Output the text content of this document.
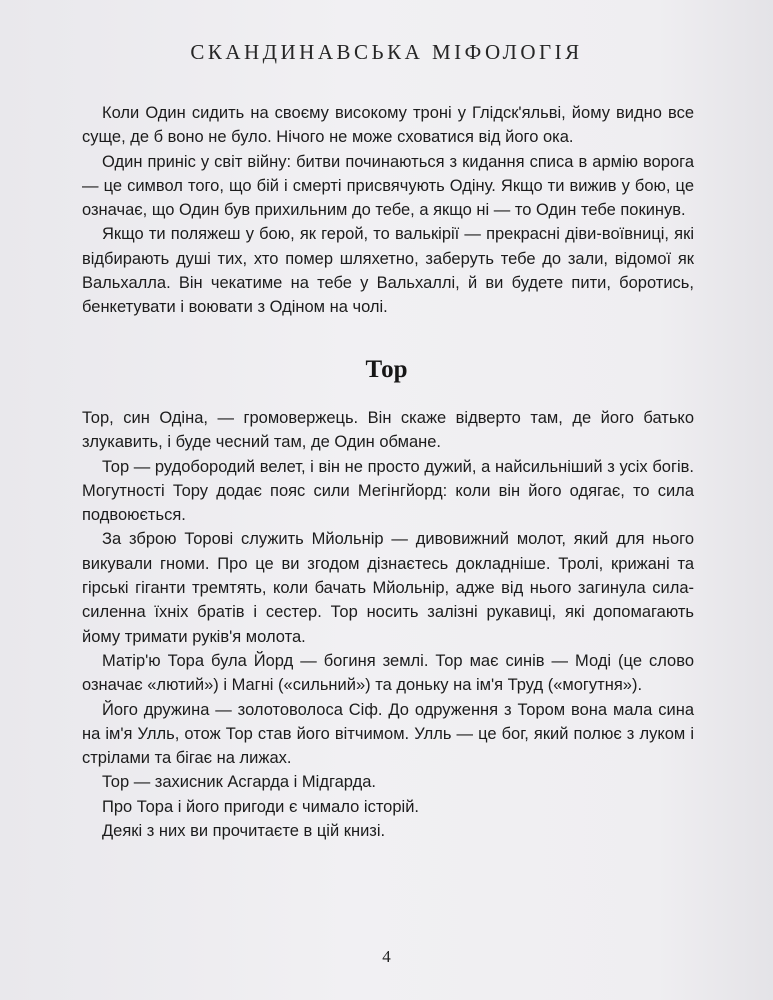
СКАНДИНАВСЬКА МІФОЛОГІЯ

Коли Один сидить на своєму високому троні у Глідск'яльві, йому видно все суще, де б воно не було. Нічого не може сховатися від його ока.

Один приніс у світ війну: битви починаються з кидання списа в армію ворога — це символ того, що бій і смерті присвячують Одіну. Якщо ти вижив у бою, це означає, що Один був прихильним до тебе, а якщо ні — то Один тебе покинув.

Якщо ти поляжеш у бою, як герой, то валькірії — прекрасні діви-воївниці, які відбирають душі тих, хто помер шляхетно, заберуть тебе до зали, відомої як Вальхалла. Він чекатиме на тебе у Вальхаллі, й ви будете пити, боротись, бенкетувати і воювати з Одіном на чолі.

Тор

Тор, син Одіна, — громовержець. Він скаже відверто там, де його батько злукавить, і буде чесний там, де Один обмане.

Тор — рудобородий велет, і він не просто дужий, а найсильніший з усіх богів. Могутності Тору додає пояс сили Мегінгйорд: коли він його одягає, то сила подвоюється.

За зброю Торові служить Мйольнір — дивовижний молот, який для нього викували гноми. Про це ви згодом дізнаєтесь докладніше. Тролі, крижані та гірські гіганти тремтять, коли бачать Мйольнір, адже від нього загинула сила-силенна їхніх братів і сестер. Тор носить залізні рукавиці, які допомагають йому тримати руків'я молота.

Матір'ю Тора була Йорд — богиня землі. Тор має синів — Моді (це слово означає «лютий») і Магні («сильний») та доньку на ім'я Труд («могутня»).

Його дружина — золотоволоса Сіф. До одруження з Тором вона мала сина на ім'я Улль, отож Тор став його вітчимом. Улль — це бог, який полює з луком і стрілами та бігає на лижах.

Тор — захисник Асгарда і Мідгарда.

Про Тора і його пригоди є чимало історій.

Деякі з них ви прочитаєте в цій книзі.

4
